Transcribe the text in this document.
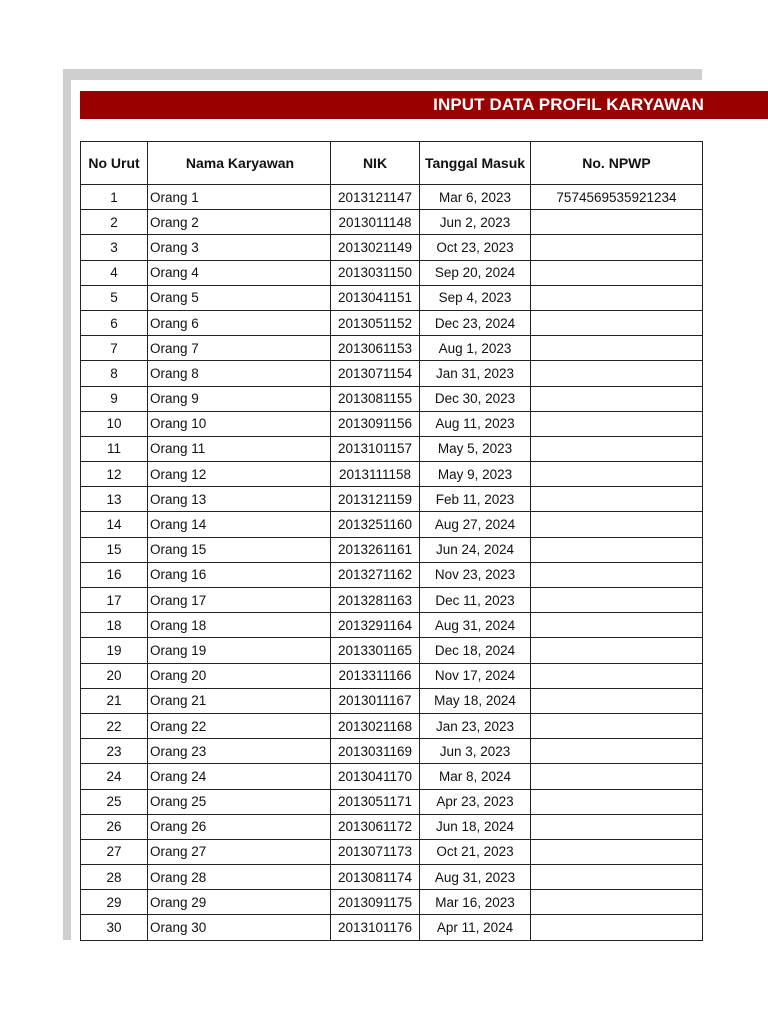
INPUT DATA PROFIL KARYAWAN
No Urut	Nama Karyawan	NIK	Tanggal Masuk	No. NPWP
1	Orang 1	2013121147	Mar 6, 2023	7574569535921234
2	Orang 2	2013011148	Jun 2, 2023	
3	Orang 3	2013021149	Oct 23, 2023	
4	Orang 4	2013031150	Sep 20, 2024	
5	Orang 5	2013041151	Sep 4, 2023	
6	Orang 6	2013051152	Dec 23, 2024	
7	Orang 7	2013061153	Aug 1, 2023	
8	Orang 8	2013071154	Jan 31, 2023	
9	Orang 9	2013081155	Dec 30, 2023	
10	Orang 10	2013091156	Aug 11, 2023	
11	Orang 11	2013101157	May 5, 2023	
12	Orang 12	2013111158	May 9, 2023	
13	Orang 13	2013121159	Feb 11, 2023	
14	Orang 14	2013251160	Aug 27, 2024	
15	Orang 15	2013261161	Jun 24, 2024	
16	Orang 16	2013271162	Nov 23, 2023	
17	Orang 17	2013281163	Dec 11, 2023	
18	Orang 18	2013291164	Aug 31, 2024	
19	Orang 19	2013301165	Dec 18, 2024	
20	Orang 20	2013311166	Nov 17, 2024	
21	Orang 21	2013011167	May 18, 2024	
22	Orang 22	2013021168	Jan 23, 2023	
23	Orang 23	2013031169	Jun 3, 2023	
24	Orang 24	2013041170	Mar 8, 2024	
25	Orang 25	2013051171	Apr 23, 2023	
26	Orang 26	2013061172	Jun 18, 2024	
27	Orang 27	2013071173	Oct 21, 2023	
28	Orang 28	2013081174	Aug 31, 2023	
29	Orang 29	2013091175	Mar 16, 2023	
30	Orang 30	2013101176	Apr 11, 2024	
